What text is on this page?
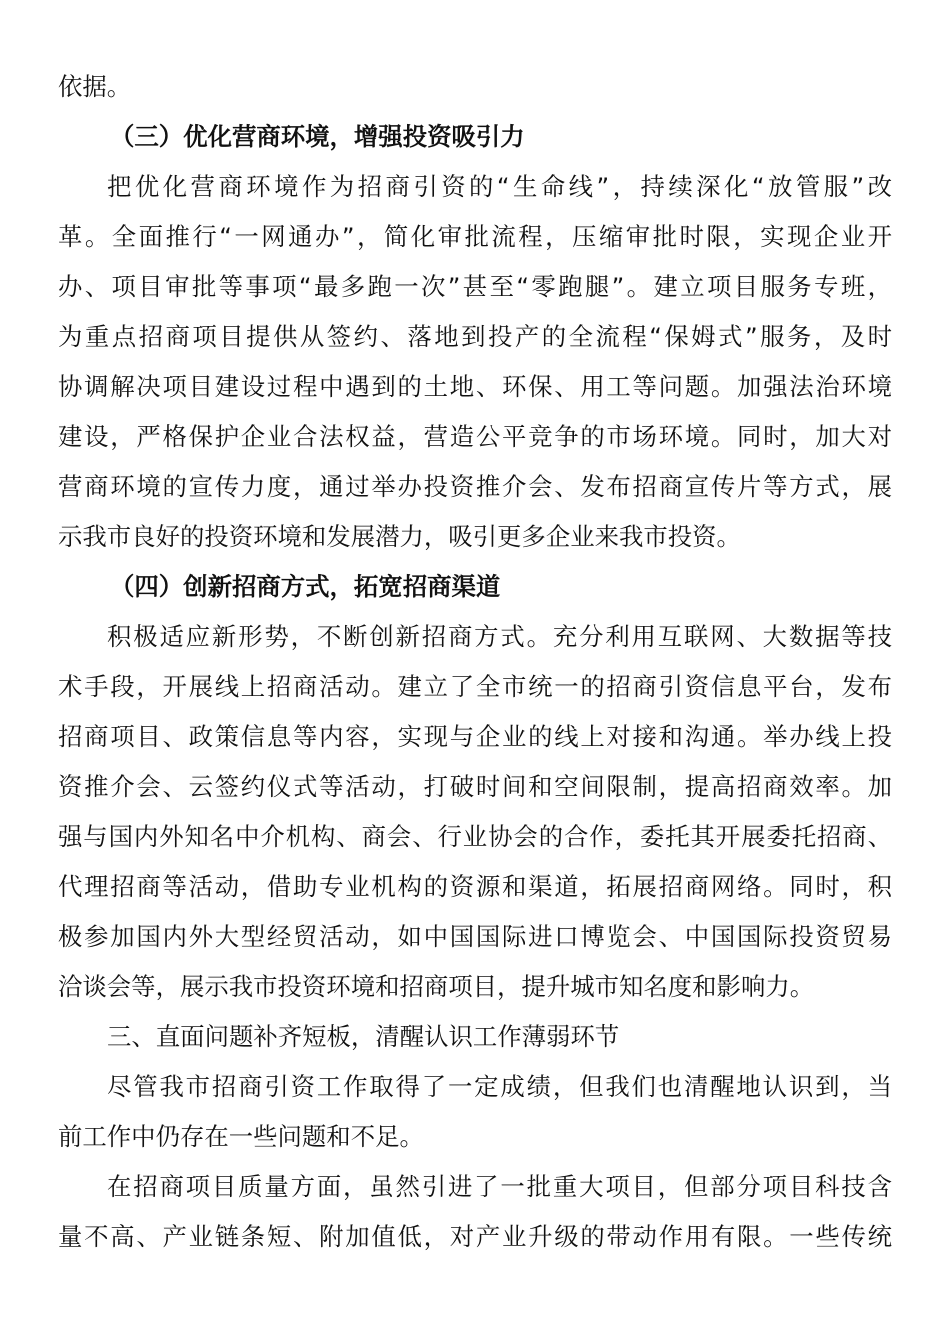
依据。
（三）优化营商环境，增强投资吸引力
把优化营商环境作为招商引资的“生命线”，持续深化“放管服”改
革。全面推行“一网通办”，简化审批流程，压缩审批时限，实现企业开
办、项目审批等事项“最多跑一次”甚至“零跑腿”。建立项目服务专班，
为重点招商项目提供从签约、落地到投产的全流程“保姆式”服务，及时
协调解决项目建设过程中遇到的土地、环保、用工等问题。加强法治环境
建设，严格保护企业合法权益，营造公平竞争的市场环境。同时，加大对
营商环境的宣传力度，通过举办投资推介会、发布招商宣传片等方式，展
示我市良好的投资环境和发展潜力，吸引更多企业来我市投资。
（四）创新招商方式，拓宽招商渠道
积极适应新形势，不断创新招商方式。充分利用互联网、大数据等技
术手段，开展线上招商活动。建立了全市统一的招商引资信息平台，发布
招商项目、政策信息等内容，实现与企业的线上对接和沟通。举办线上投
资推介会、云签约仪式等活动，打破时间和空间限制，提高招商效率。加
强与国内外知名中介机构、商会、行业协会的合作，委托其开展委托招商、
代理招商等活动，借助专业机构的资源和渠道，拓展招商网络。同时，积
极参加国内外大型经贸活动，如中国国际进口博览会、中国国际投资贸易
洽谈会等，展示我市投资环境和招商项目，提升城市知名度和影响力。
三、直面问题补齐短板，清醒认识工作薄弱环节
尽管我市招商引资工作取得了一定成绩，但我们也清醒地认识到，当
前工作中仍存在一些问题和不足。
在招商项目质量方面，虽然引进了一批重大项目，但部分项目科技含
量不高、产业链条短、附加值低，对产业升级的带动作用有限。一些传统
